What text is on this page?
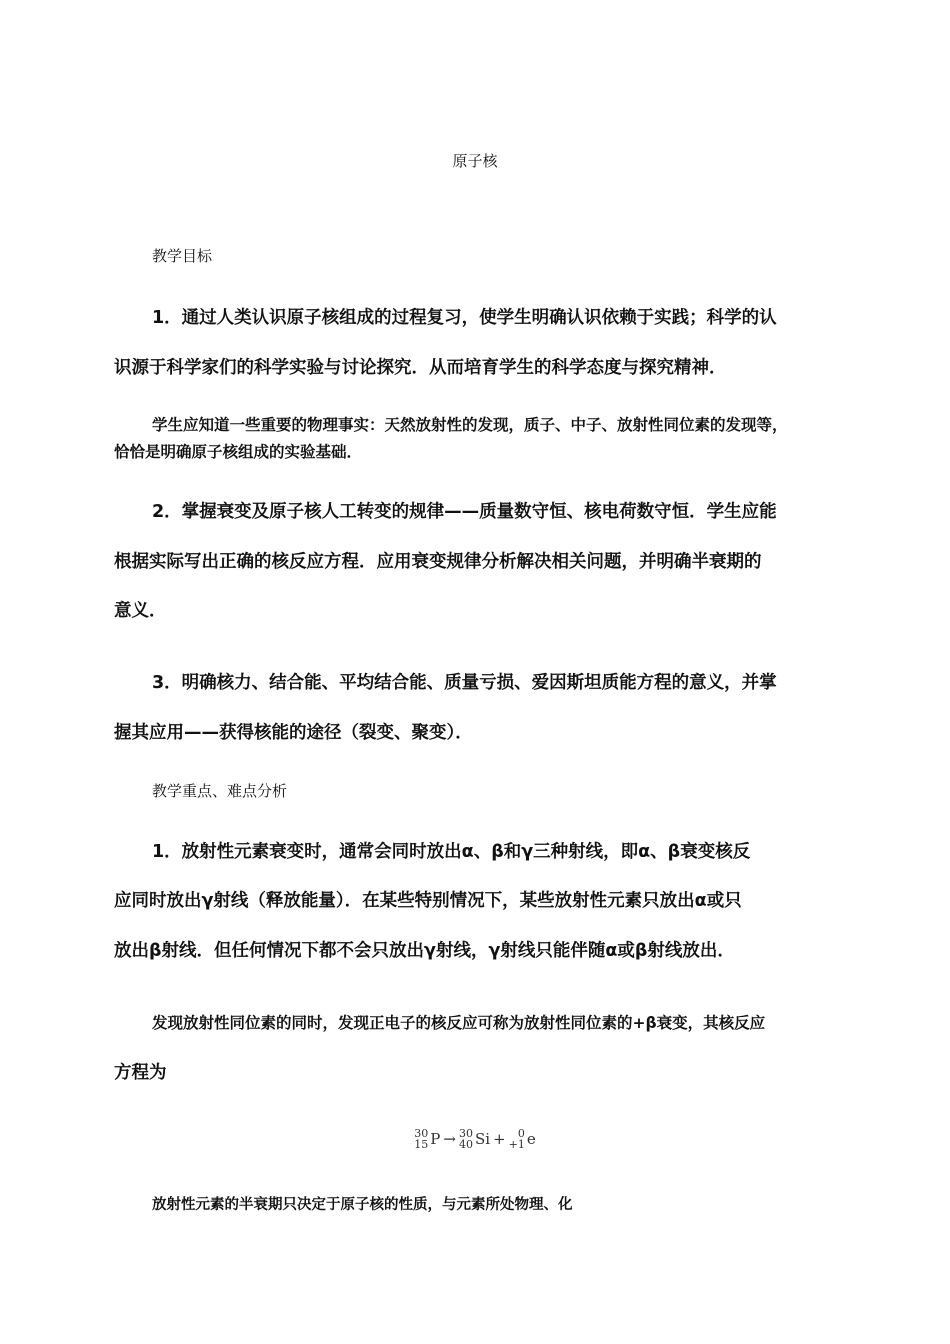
原子核
教学目标
1．通过人类认识原子核组成的过程复习，使学生明确认识依赖于实践；科学的认
识源于科学家们的科学实验与讨论探究．从而培育学生的科学态度与探究精神．
学生应知道一些重要的物理事实：天然放射性的发现，质子、中子、放射性同位素的发现等，
恰恰是明确原子核组成的实验基础．
2．掌握衰变及原子核人工转变的规律——质量数守恒、核电荷数守恒．学生应能
根据实际写出正确的核反应方程．应用衰变规律分析解决相关问题，并明确半衰期的
意义．
3．明确核力、结合能、平均结合能、质量亏损、爱因斯坦质能方程的意义，并掌
握其应用——获得核能的途径（裂变、聚变）．
教学重点、难点分析
1．放射性元素衰变时，通常会同时放出α、β和γ三种射线，即α、β衰变核反
应同时放出γ射线（释放能量）．在某些特别情况下，某些放射性元素只放出α或只
放出β射线．但任何情况下都不会只放出γ射线，γ射线只能伴随α或β射线放出．
发现放射性同位素的同时，发现正电子的核反应可称为放射性同位素的+β衰变，其核反应
方程为
30
15 P → 30
40 Si +	0
+1 e
放射性元素的半衰期只决定于原子核的性质，与元素所处物理、化
